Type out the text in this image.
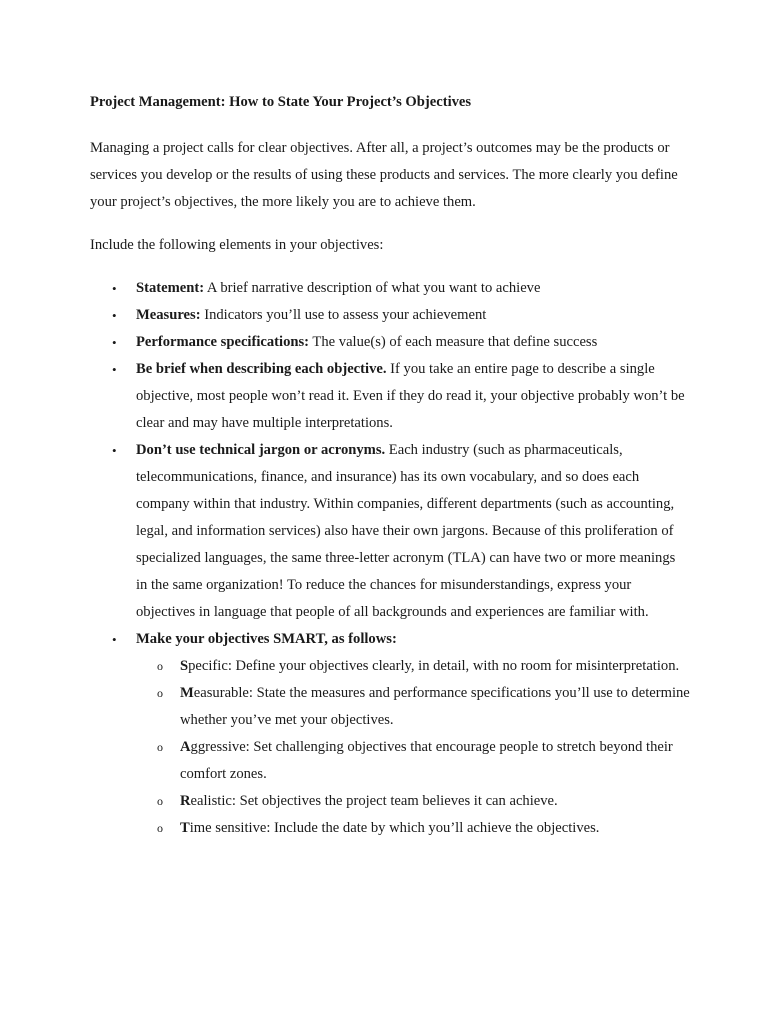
Project Management: How to State Your Project’s Objectives
Managing a project calls for clear objectives. After all, a project’s outcomes may be the products or services you develop or the results of using these products and services. The more clearly you define your project’s objectives, the more likely you are to achieve them.
Include the following elements in your objectives:
• Statement: A brief narrative description of what you want to achieve
• Measures: Indicators you’ll use to assess your achievement
• Performance specifications: The value(s) of each measure that define success
• Be brief when describing each objective. If you take an entire page to describe a single objective, most people won’t read it. Even if they do read it, your objective probably won’t be clear and may have multiple interpretations.
• Don’t use technical jargon or acronyms. Each industry (such as pharmaceuticals, telecommunications, finance, and insurance) has its own vocabulary, and so does each company within that industry. Within companies, different departments (such as accounting, legal, and information services) also have their own jargons. Because of this proliferation of specialized languages, the same three-letter acronym (TLA) can have two or more meanings in the same organization! To reduce the chances for misunderstandings, express your objectives in language that people of all backgrounds and experiences are familiar with.
• Make your objectives SMART, as follows:
o Specific: Define your objectives clearly, in detail, with no room for misinterpretation.
o Measurable: State the measures and performance specifications you’ll use to determine whether you’ve met your objectives.
o Aggressive: Set challenging objectives that encourage people to stretch beyond their comfort zones.
o Realistic: Set objectives the project team believes it can achieve.
o Time sensitive: Include the date by which you’ll achieve the objectives.
